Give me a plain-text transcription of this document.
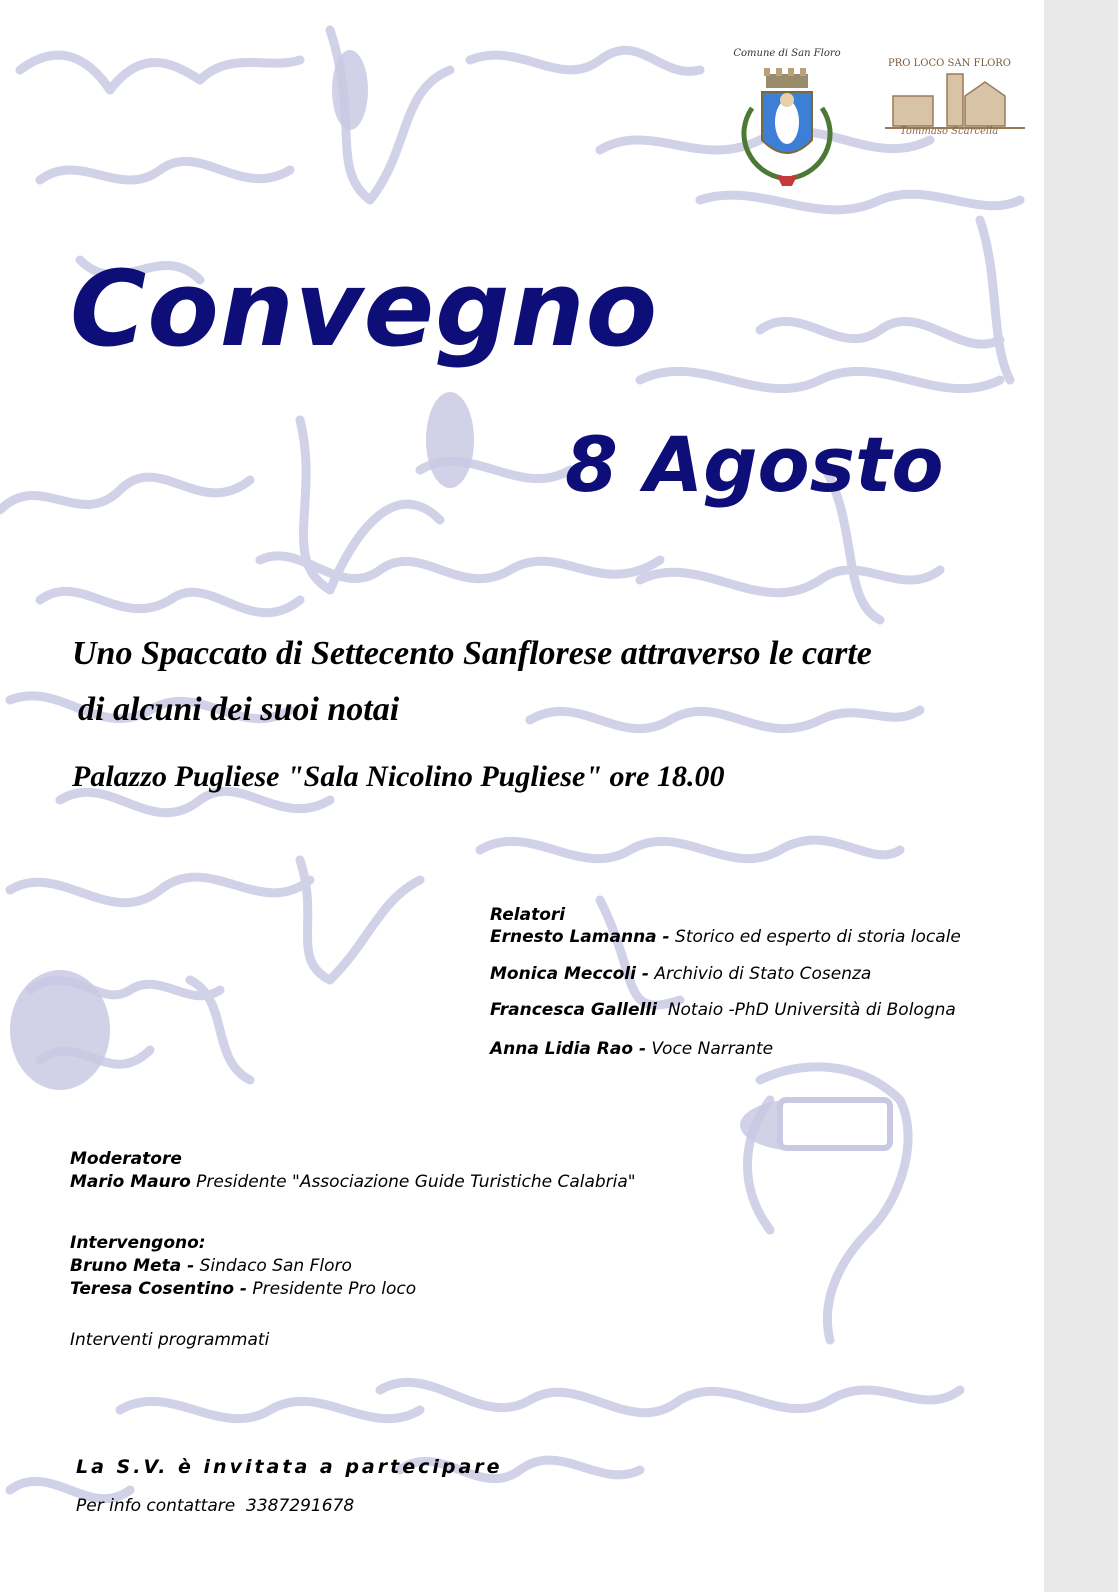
Comune di San Floro
PRO LOCO SAN FLORO
Tommaso Scarcella
Convegno
8 Agosto
Uno Spaccato di Settecento Sanflorese attraverso le carte
di alcuni dei suoi notai
Palazzo Pugliese "Sala Nicolino Pugliese" ore 18.00
Relatori
Ernesto Lamanna - Storico ed esperto di storia locale
Monica Meccoli - Archivio di Stato Cosenza
Francesca Gallelli Notaio -PhD Università di Bologna
Anna Lidia Rao - Voce Narrante
Moderatore
Mario Mauro Presidente "Associazione Guide Turistiche Calabria"
Intervengono:
Bruno Meta - Sindaco San Floro
Teresa Cosentino - Presidente Pro loco
Interventi programmati
La S.V. è invitata a partecipare
Per info contattare 3387291678
